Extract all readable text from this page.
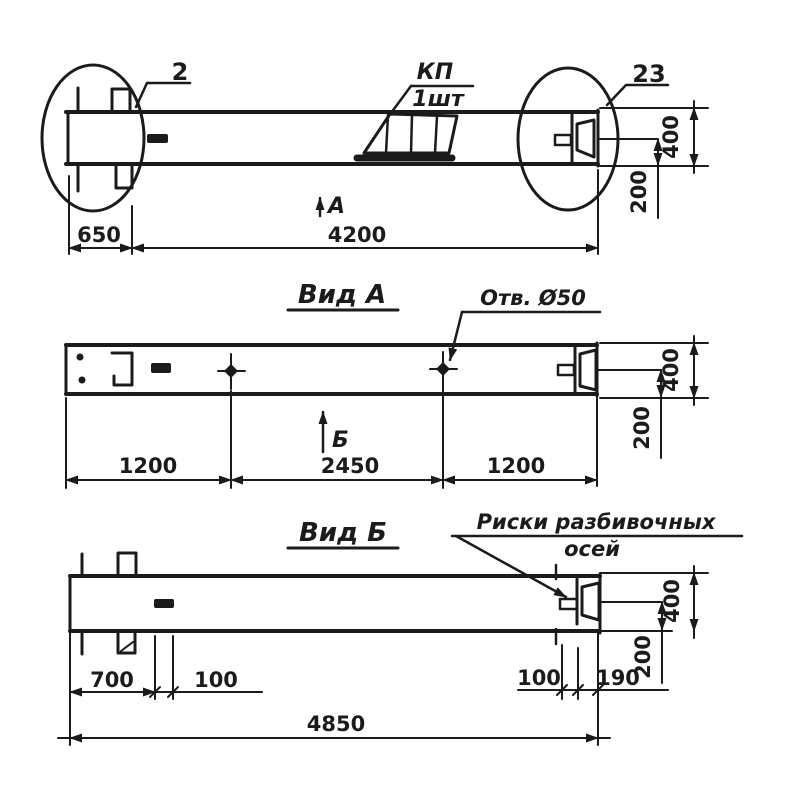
2	КП
1шт
23
А
650	4200
400
200
Вид А	Отв. Ø50
Б
1200	2450	1200
400
200
Вид Б	Риски разбивочных
осей
400
200
700	100	100 190
4850
